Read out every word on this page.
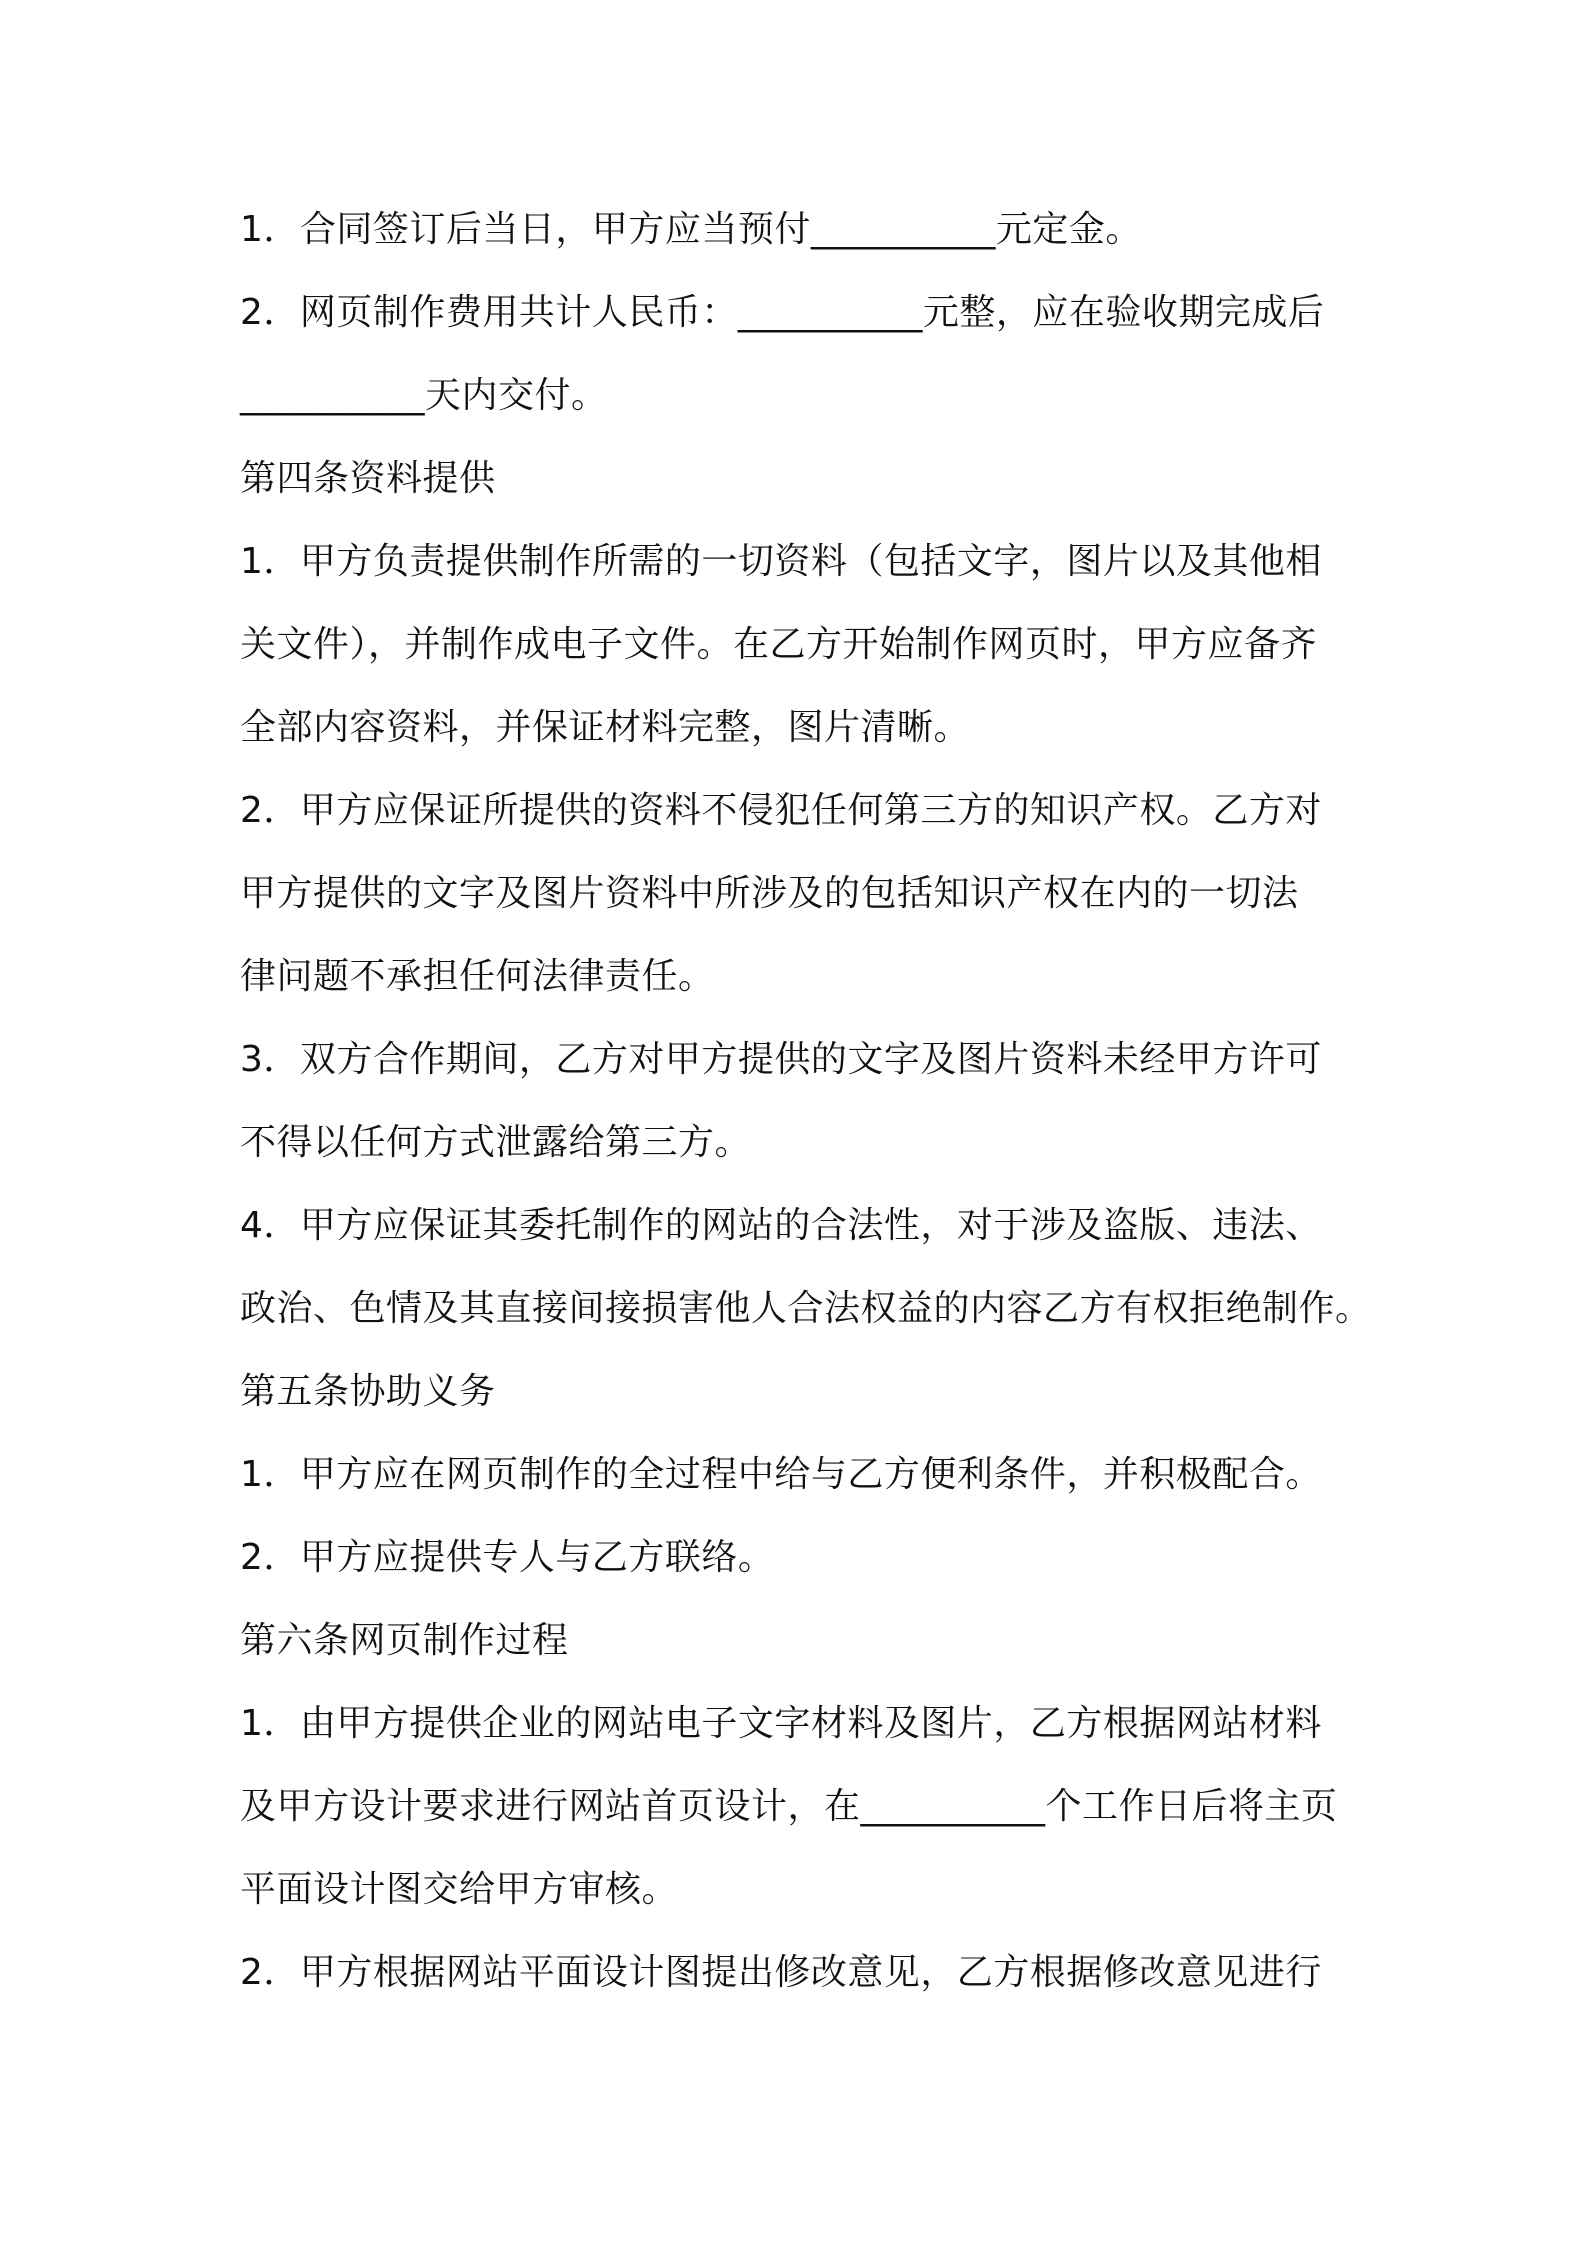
1．合同签订后当日，甲方应当预付__________元定金。
2．网页制作费用共计人民币：__________元整，应在验收期完成后
__________天内交付。
第四条资料提供
1．甲方负责提供制作所需的一切资料（包括文字，图片以及其他相
关文件），并制作成电子文件。在乙方开始制作网页时，甲方应备齐
全部内容资料，并保证材料完整，图片清晰。
2．甲方应保证所提供的资料不侵犯任何第三方的知识产权。乙方对
甲方提供的文字及图片资料中所涉及的包括知识产权在内的一切法
律问题不承担任何法律责任。
3．双方合作期间，乙方对甲方提供的文字及图片资料未经甲方许可
不得以任何方式泄露给第三方。
4．甲方应保证其委托制作的网站的合法性，对于涉及盗版、违法、
政治、色情及其直接间接损害他人合法权益的内容乙方有权拒绝制作。
第五条协助义务
1．甲方应在网页制作的全过程中给与乙方便利条件，并积极配合。
2．甲方应提供专人与乙方联络。
第六条网页制作过程
1．由甲方提供企业的网站电子文字材料及图片，乙方根据网站材料
及甲方设计要求进行网站首页设计，在__________个工作日后将主页
平面设计图交给甲方审核。
2．甲方根据网站平面设计图提出修改意见，乙方根据修改意见进行
